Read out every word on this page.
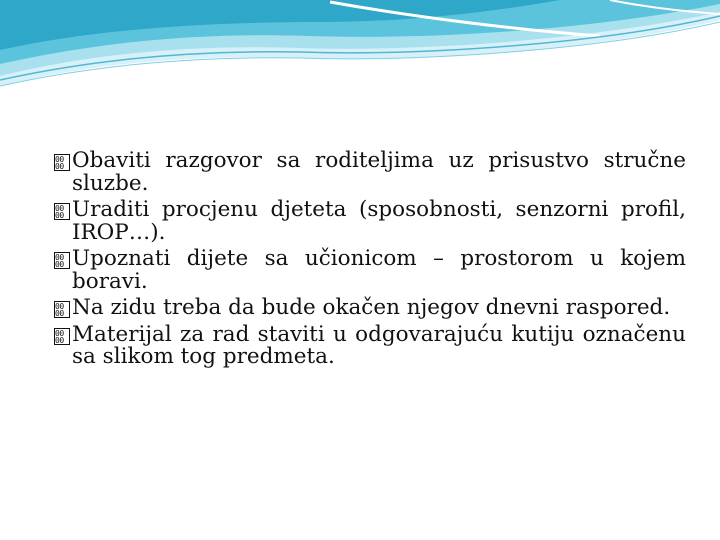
00
00 Obaviti razgovor sa roditeljima uz prisustvo stručne sluzbe.
00
00 Uraditi procjenu djeteta (sposobnosti, senzorni profil, IROP…).
00
00 Upoznati dijete sa učionicom – prostorom u kojem boravi.
00
00 Na zidu treba da bude okačen njegov dnevni raspored.
00
00 Materijal za rad staviti u odgovarajuću kutiju označenu sa slikom tog predmeta.
